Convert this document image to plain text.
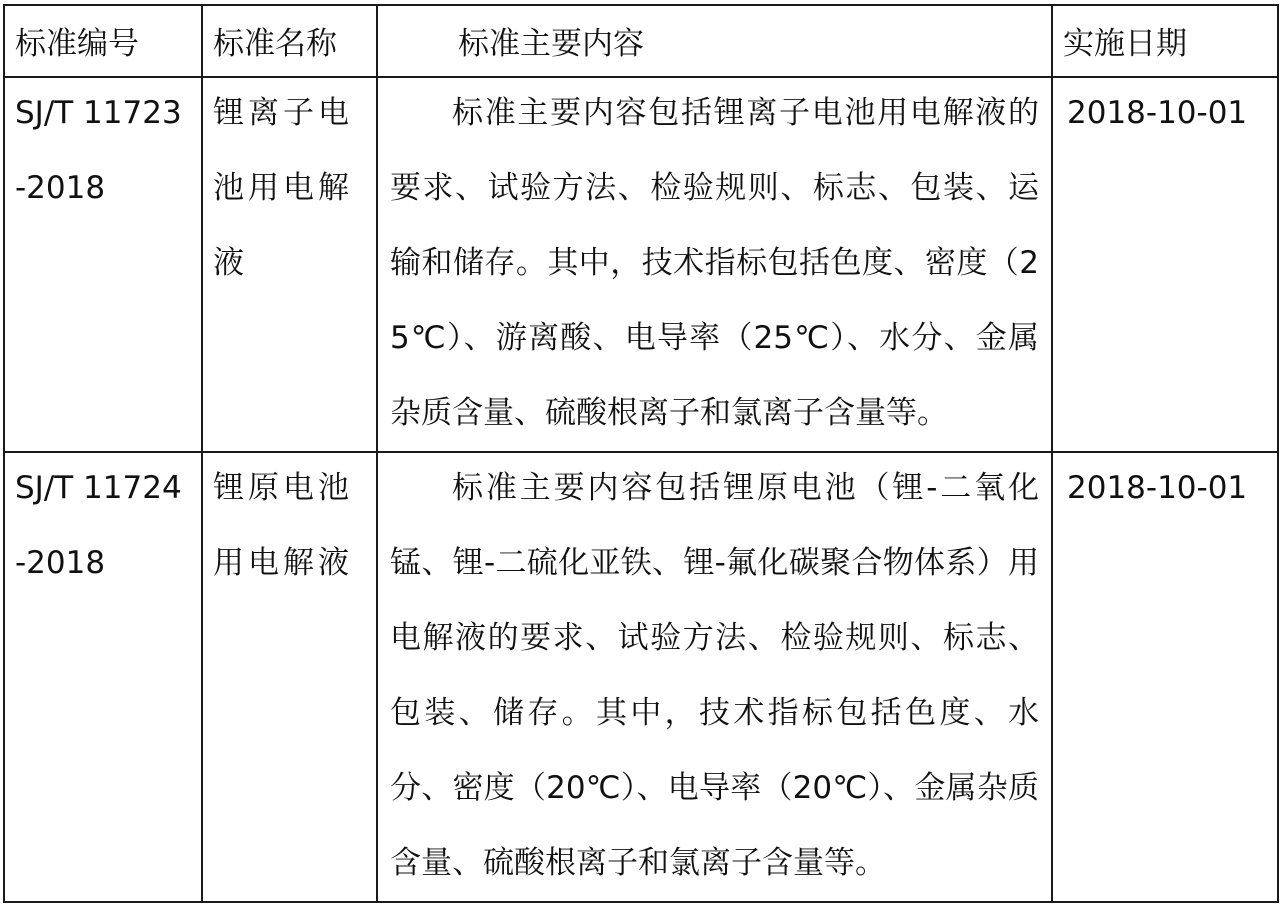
标准编号	标准名称	标准主要内容	实施日期

SJ/T 11723-2018	锂离子电池用电解液	标准主要内容包括锂离子电池用电解液的要求、试验方法、检验规则、标志、包装、运输和储存。其中，技术指标包括色度、密度（25℃）、游离酸、电导率（25℃）、水分、金属杂质含量、硫酸根离子和氯离子含量等。	2018-10-01

SJ/T 11724-2018	锂原电池用电解液	标准主要内容包括锂原电池（锂-二氧化锰、锂-二硫化亚铁、锂-氟化碳聚合物体系）用电解液的要求、试验方法、检验规则、标志、包装、储存。其中，技术指标包括色度、水分、密度（20℃）、电导率（20℃）、金属杂质含量、硫酸根离子和氯离子含量等。	2018-10-01
